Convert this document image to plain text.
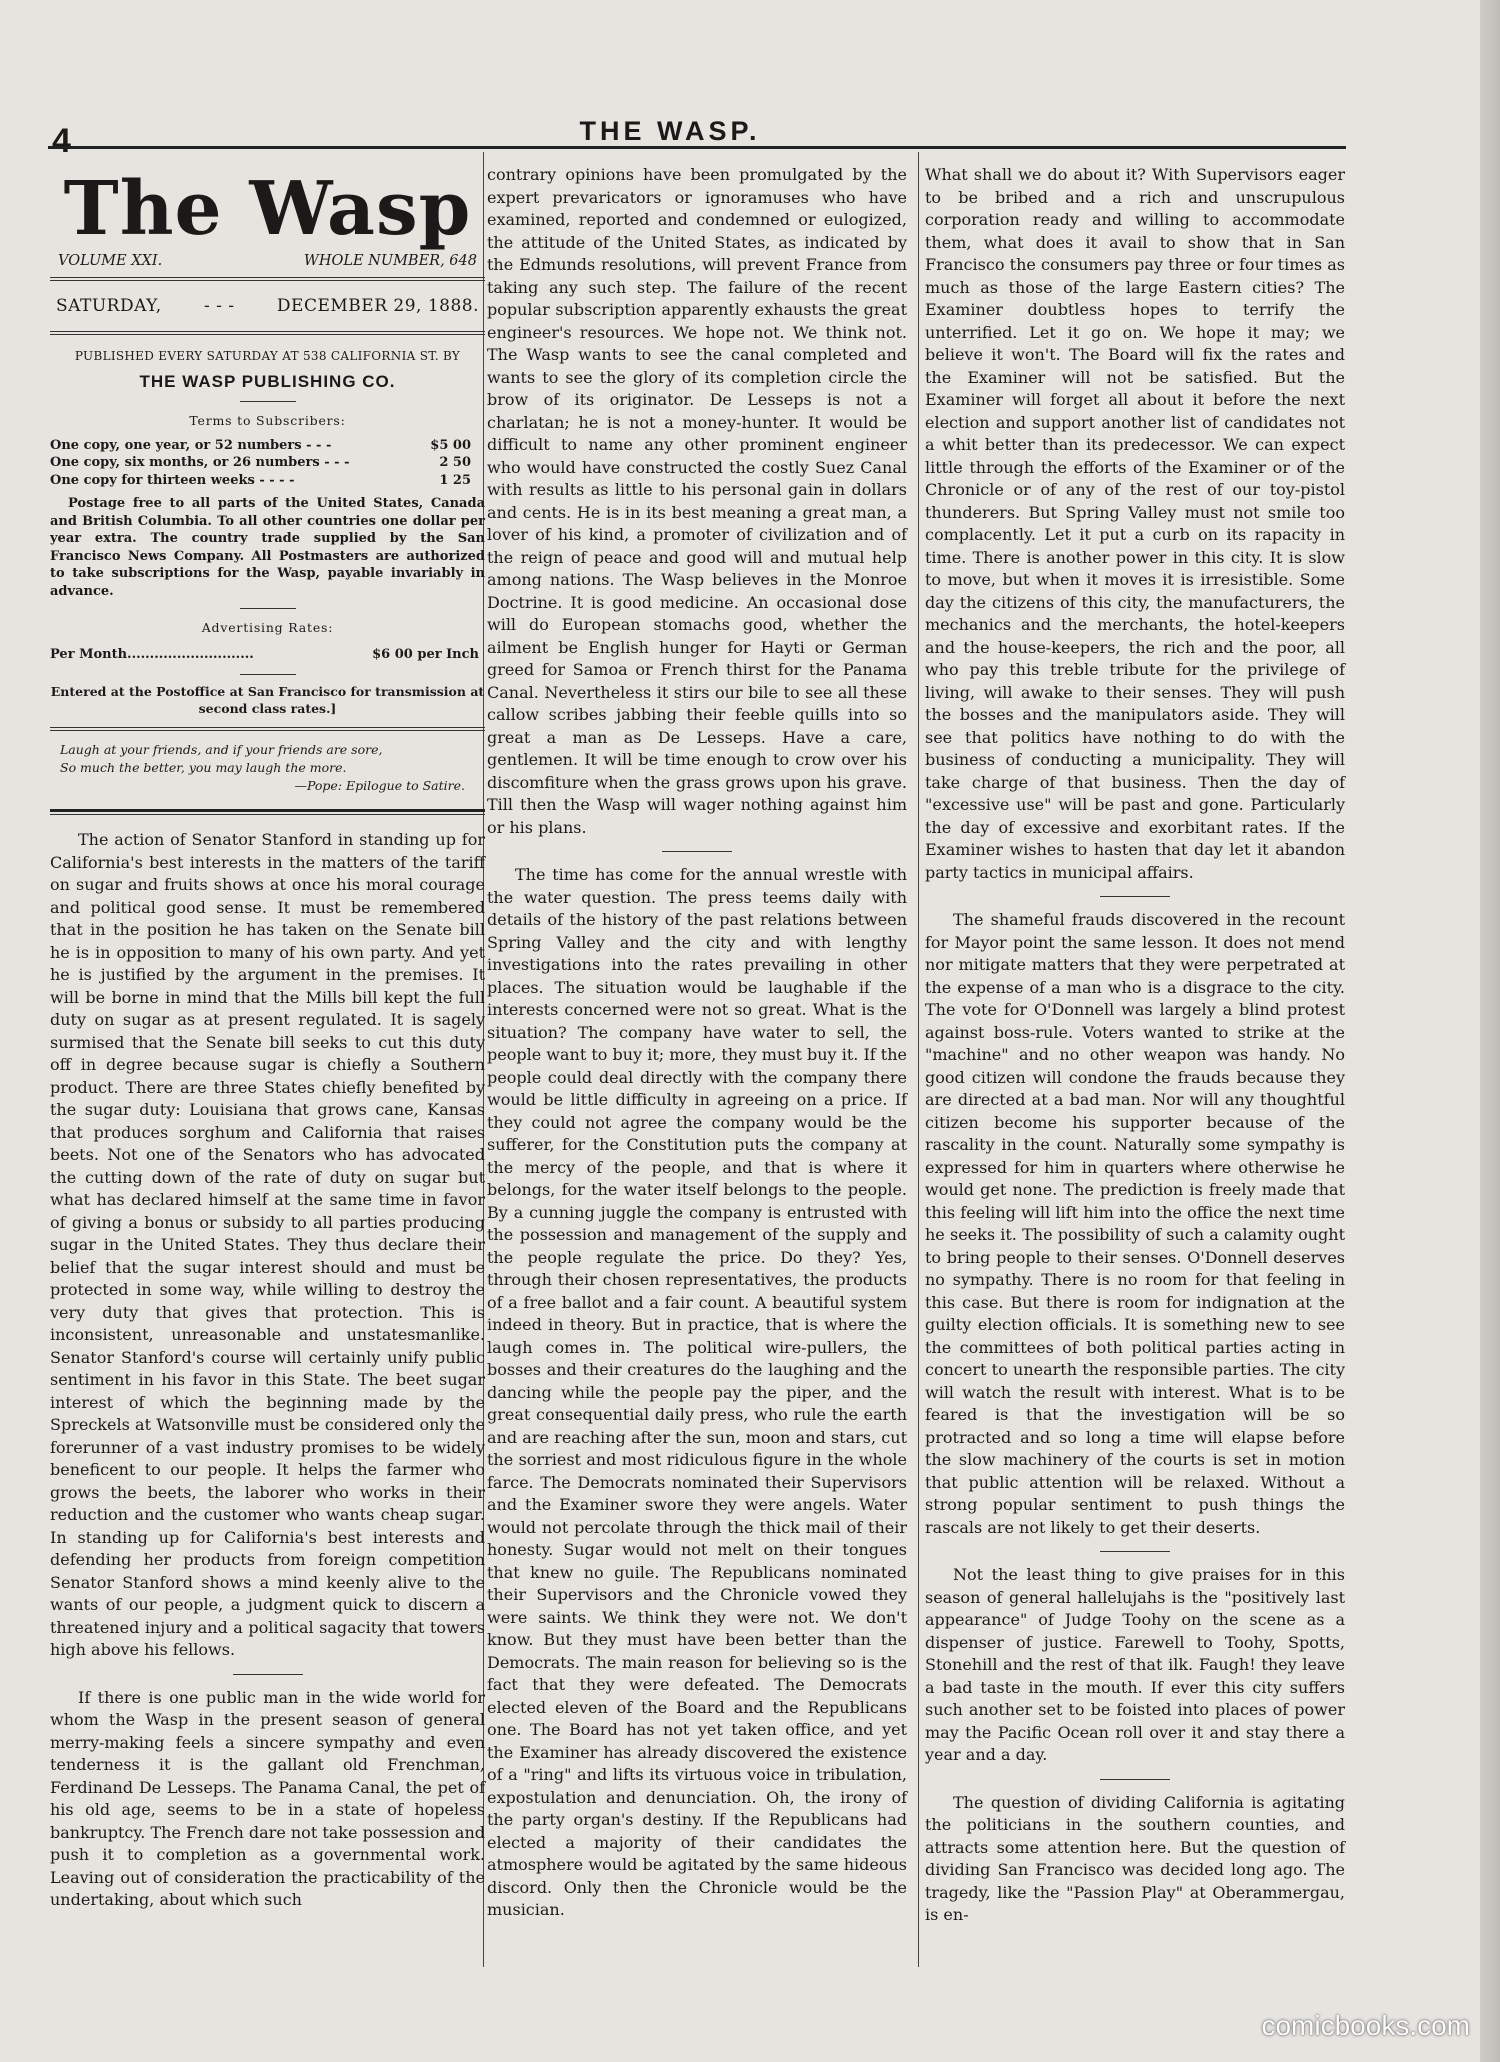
4	THE WASP.
The Wasp
VOLUME XXI.	WHOLE NUMBER, 648
SATURDAY, - - - DECEMBER 29, 1888.
PUBLISHED EVERY SATURDAY AT 538 CALIFORNIA ST. BY
THE WASP PUBLISHING CO.
Terms to Subscribers:
One copy, one year, or 52 numbers - - -	$5 00
One copy, six months, or 26 numbers - - -	2 50
One copy for thirteen weeks - - - -	1 25
Postage free to all parts of the United States, Canada and British Columbia. To all other countries one dollar per year extra. The country trade supplied by the San Francisco News Company. All Postmasters are authorized to take subscriptions for the Wasp, payable invariably in advance.
Advertising Rates:
Per Month............................	$6 00 per Inch
Entered at the Postoffice at San Francisco for transmission at second class rates.]
Laugh at your friends, and if your friends are sore,
So much the better, you may laugh the more.
—Pope: Epilogue to Satire.

The action of Senator Stanford in standing up for California's best interests in the matters of the tariff on sugar and fruits shows at once his moral courage and political good sense. It must be remembered that in the position he has taken on the Senate bill he is in opposition to many of his own party. And yet he is justified by the argument in the premises. It will be borne in mind that the Mills bill kept the full duty on sugar as at present regulated. It is sagely surmised that the Senate bill seeks to cut this duty off in degree because sugar is chiefly a Southern product. There are three States chiefly benefited by the sugar duty: Louisiana that grows cane, Kansas that produces sorghum and California that raises beets. Not one of the Senators who has advocated the cutting down of the rate of duty on sugar but what has declared himself at the same time in favor of giving a bonus or subsidy to all parties producing sugar in the United States. They thus declare their belief that the sugar interest should and must be protected in some way, while willing to destroy the very duty that gives that protection. This is inconsistent, unreasonable and unstatesmanlike. Senator Stanford's course will certainly unify public sentiment in his favor in this State. The beet sugar interest of which the beginning made by the Spreckels at Watsonville must be considered only the forerunner of a vast industry promises to be widely beneficent to our people. It helps the farmer who grows the beets, the laborer who works in their reduction and the customer who wants cheap sugar. In standing up for California's best interests and defending her products from foreign competition Senator Stanford shows a mind keenly alive to the wants of our people, a judgment quick to discern a threatened injury and a political sagacity that towers high above his fellows.

If there is one public man in the wide world for whom the Wasp in the present season of general merry-making feels a sincere sympathy and even tenderness it is the gallant old Frenchman, Ferdinand De Lesseps. The Panama Canal, the pet of his old age, seems to be in a state of hopeless bankruptcy. The French dare not take possession and push it to completion as a governmental work. Leaving out of consideration the practicability of the undertaking, about which such

contrary opinions have been promulgated by the expert prevaricators or ignoramuses who have examined, reported and condemned or eulogized, the attitude of the United States, as indicated by the Edmunds resolutions, will prevent France from taking any such step. The failure of the recent popular subscription apparently exhausts the great engineer's resources. We hope not. We think not. The Wasp wants to see the canal completed and wants to see the glory of its completion circle the brow of its originator. De Lesseps is not a charlatan; he is not a money-hunter. It would be difficult to name any other prominent engineer who would have constructed the costly Suez Canal with results as little to his personal gain in dollars and cents. He is in its best meaning a great man, a lover of his kind, a promoter of civilization and of the reign of peace and good will and mutual help among nations. The Wasp believes in the Monroe Doctrine. It is good medicine. An occasional dose will do European stomachs good, whether the ailment be English hunger for Hayti or German greed for Samoa or French thirst for the Panama Canal. Nevertheless it stirs our bile to see all these callow scribes jabbing their feeble quills into so great a man as De Lesseps. Have a care, gentlemen. It will be time enough to crow over his discomfiture when the grass grows upon his grave. Till then the Wasp will wager nothing against him or his plans.

The time has come for the annual wrestle with the water question. The press teems daily with details of the history of the past relations between Spring Valley and the city and with lengthy investigations into the rates prevailing in other places. The situation would be laughable if the interests concerned were not so great. What is the situation? The company have water to sell, the people want to buy it; more, they must buy it. If the people could deal directly with the company there would be little difficulty in agreeing on a price. If they could not agree the company would be the sufferer, for the Constitution puts the company at the mercy of the people, and that is where it belongs, for the water itself belongs to the people. By a cunning juggle the company is entrusted with the possession and management of the supply and the people regulate the price. Do they? Yes, through their chosen representatives, the products of a free ballot and a fair count. A beautiful system indeed in theory. But in practice, that is where the laugh comes in. The political wire-pullers, the bosses and their creatures do the laughing and the dancing while the people pay the piper, and the great consequential daily press, who rule the earth and are reaching after the sun, moon and stars, cut the sorriest and most ridiculous figure in the whole farce. The Democrats nominated their Supervisors and the Examiner swore they were angels. Water would not percolate through the thick mail of their honesty. Sugar would not melt on their tongues that knew no guile. The Republicans nominated their Supervisors and the Chronicle vowed they were saints. We think they were not. We don't know. But they must have been better than the Democrats. The main reason for believing so is the fact that they were defeated. The Democrats elected eleven of the Board and the Republicans one. The Board has not yet taken office, and yet the Examiner has already discovered the existence of a "ring" and lifts its virtuous voice in tribulation, expostulation and denunciation. Oh, the irony of the party organ's destiny. If the Republicans had elected a majority of their candidates the atmosphere would be agitated by the same hideous discord. Only then the Chronicle would be the musician.

What shall we do about it? With Supervisors eager to be bribed and a rich and unscrupulous corporation ready and willing to accommodate them, what does it avail to show that in San Francisco the consumers pay three or four times as much as those of the large Eastern cities? The Examiner doubtless hopes to terrify the unterrified. Let it go on. We hope it may; we believe it won't. The Board will fix the rates and the Examiner will not be satisfied. But the Examiner will forget all about it before the next election and support another list of candidates not a whit better than its predecessor. We can expect little through the efforts of the Examiner or of the Chronicle or of any of the rest of our toy-pistol thunderers. But Spring Valley must not smile too complacently. Let it put a curb on its rapacity in time. There is another power in this city. It is slow to move, but when it moves it is irresistible. Some day the citizens of this city, the manufacturers, the mechanics and the merchants, the hotel-keepers and the house-keepers, the rich and the poor, all who pay this treble tribute for the privilege of living, will awake to their senses. They will push the bosses and the manipulators aside. They will see that politics have nothing to do with the business of conducting a municipality. They will take charge of that business. Then the day of "excessive use" will be past and gone. Particularly the day of excessive and exorbitant rates. If the Examiner wishes to hasten that day let it abandon party tactics in municipal affairs.

The shameful frauds discovered in the recount for Mayor point the same lesson. It does not mend nor mitigate matters that they were perpetrated at the expense of a man who is a disgrace to the city. The vote for O'Donnell was largely a blind protest against boss-rule. Voters wanted to strike at the "machine" and no other weapon was handy. No good citizen will condone the frauds because they are directed at a bad man. Nor will any thoughtful citizen become his supporter because of the rascality in the count. Naturally some sympathy is expressed for him in quarters where otherwise he would get none. The prediction is freely made that this feeling will lift him into the office the next time he seeks it. The possibility of such a calamity ought to bring people to their senses. O'Donnell deserves no sympathy. There is no room for that feeling in this case. But there is room for indignation at the guilty election officials. It is something new to see the committees of both political parties acting in concert to unearth the responsible parties. The city will watch the result with interest. What is to be feared is that the investigation will be so protracted and so long a time will elapse before the slow machinery of the courts is set in motion that public attention will be relaxed. Without a strong popular sentiment to push things the rascals are not likely to get their deserts.

Not the least thing to give praises for in this season of general hallelujahs is the "positively last appearance" of Judge Toohy on the scene as a dispenser of justice. Farewell to Toohy, Spotts, Stonehill and the rest of that ilk. Faugh! they leave a bad taste in the mouth. If ever this city suffers such another set to be foisted into places of power may the Pacific Ocean roll over it and stay there a year and a day.

The question of dividing California is agitating the politicians in the southern counties, and attracts some attention here. But the question of dividing San Francisco was decided long ago. The tragedy, like the "Passion Play" at Oberammergau, is en-

comicbooks.com
